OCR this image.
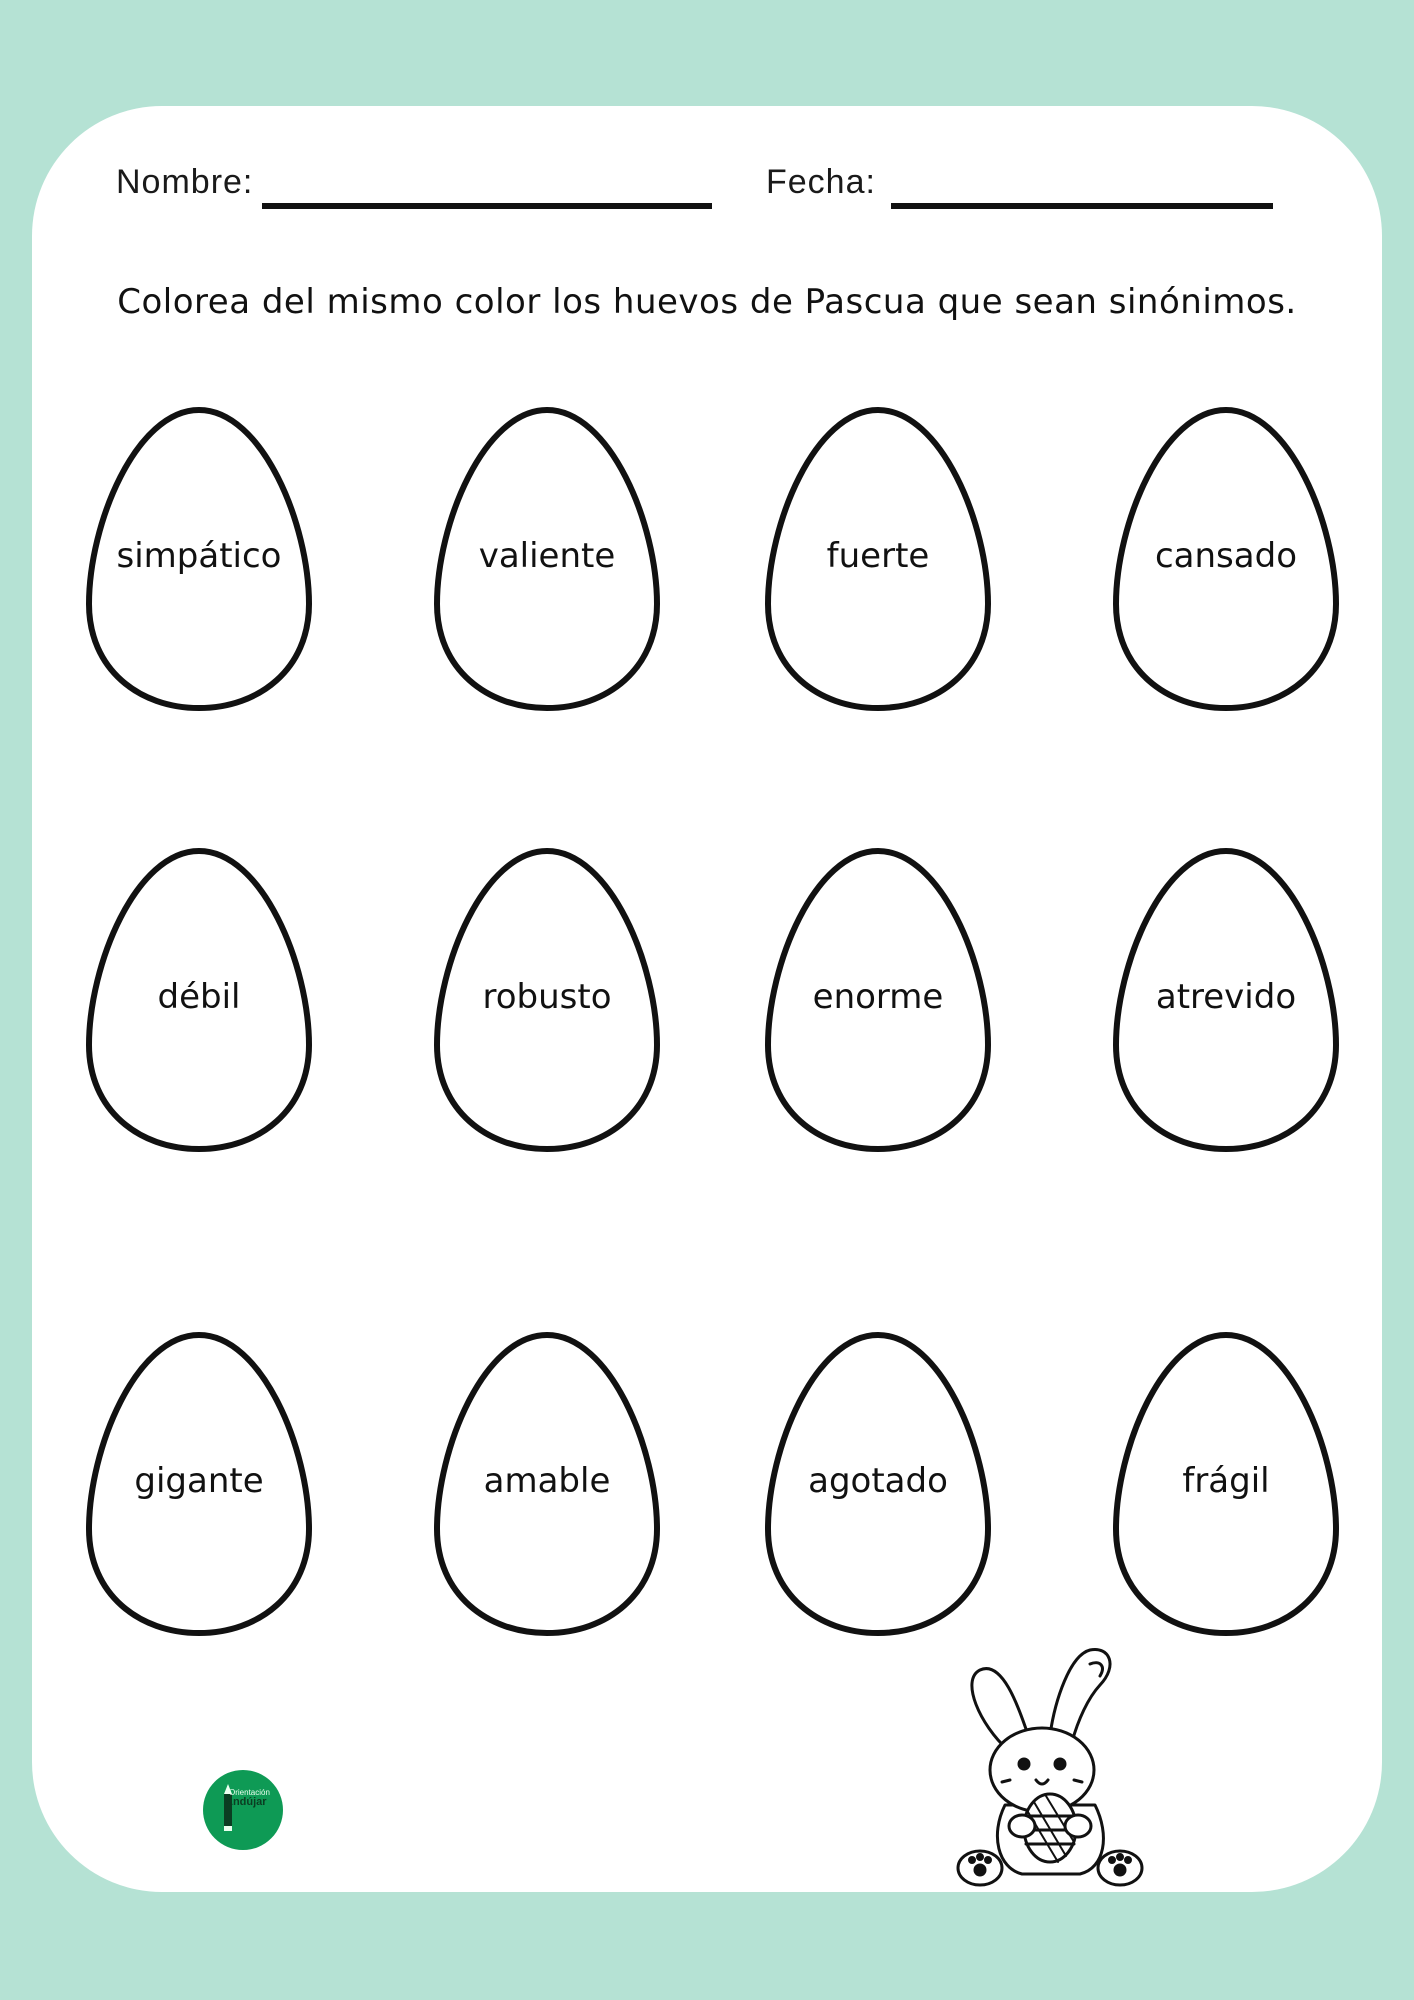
Nombre:	Fecha:
Colorea del mismo color los huevos de Pascua que sean sinónimos.
simpático	valiente	fuerte	cansado
débil	robusto	enorme	atrevido
gigante	amable	agotado	frágil
Orientación
Andújar
